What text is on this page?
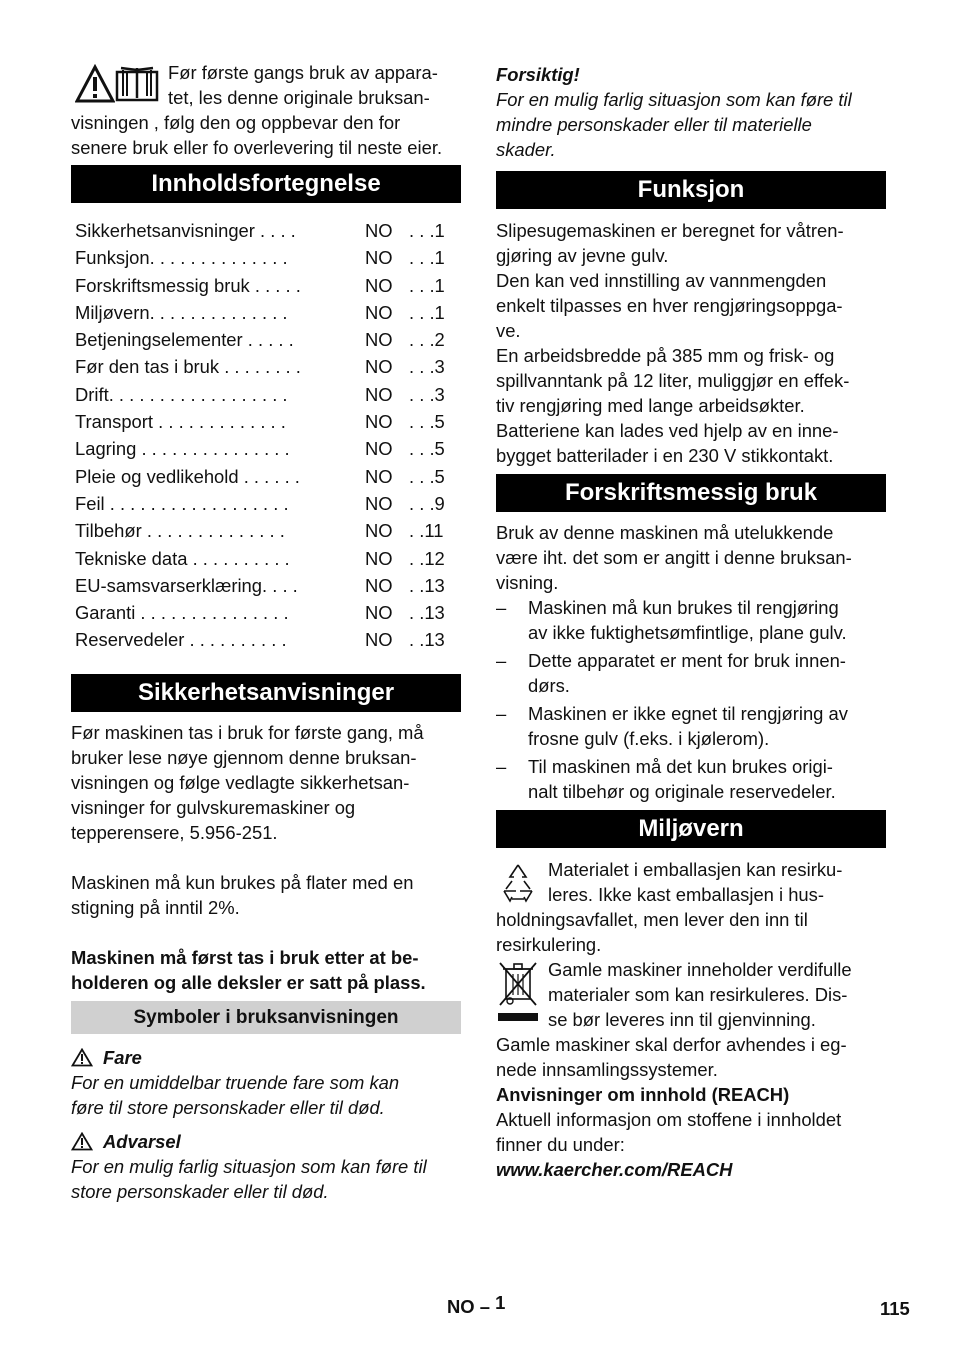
Før første gangs bruk av appara-

tet, les denne originale bruksan-

visningen , følg den og oppbevar den for

senere bruk eller fo overlevering til neste eier.

Innholdsfortegnelse
Sikkerhetsanvisninger . . . .	NO . . .1
Funksjon. . . . . . . . . . . . . .	NO . . .1
Forskriftsmessig bruk . . . . .	NO . . .1
Miljøvern. . . . . . . . . . . . . .	NO . . .1
Betjeningselementer . . . . .	NO . . .2
Før den tas i bruk . . . . . . . .	NO . . .3
Drift. . . . . . . . . . . . . . . . . .	NO . . .3
Transport . . . . . . . . . . . . .	NO . . .5
Lagring . . . . . . . . . . . . . . .	NO . . .5
Pleie og vedlikehold . . . . . .	NO . . .5
Feil . . . . . . . . . . . . . . . . . .	NO . . .9
Tilbehør . . . . . . . . . . . . . .	NO . .11
Tekniske data . . . . . . . . . .	NO . .12
EU-samsvarserklæring. . . .	NO . .13
Garanti . . . . . . . . . . . . . . .	NO . .13
Reservedeler . . . . . . . . . .	NO . .13
Sikkerhetsanvisninger

Før maskinen tas i bruk for første gang, må

bruker lese nøye gjennom denne bruksan-

visningen og følge vedlagte sikkerhetsan-

visninger for gulvskuremaskiner og

tepperensere, 5.956-251.

Maskinen må kun brukes på flater med en

stigning på inntil 2%.

Maskinen må først tas i bruk etter at be-

holderen og alle deksler er satt på plass.

Symboler i bruksanvisningen
Fare

For en umiddelbar truende fare som kan

føre til store personskader eller til død.

Advarsel

For en mulig farlig situasjon som kan føre til

store personskader eller til død.

Forsiktig!

For en mulig farlig situasjon som kan føre til

mindre personskader eller til materielle

skader.

Funksjon

Slipesugemaskinen er beregnet for våtren-

gjøring av jevne gulv.

Den kan ved innstilling av vannmengden

enkelt tilpasses en hver rengjøringsoppga-

ve.

En arbeidsbredde på 385 mm og frisk- og

spillvanntank på 12 liter, muliggjør en effek-

tiv rengjøring med lange arbeidsøkter.

Batteriene kan lades ved hjelp av en inne-

bygget batterilader i en 230 V stikkontakt.

Forskriftsmessig bruk

Bruk av denne maskinen må utelukkende

være iht. det som er angitt i denne bruksan-

visning.

– Maskinen må kun brukes til rengjøring

av ikke fuktighetsømfintlige, plane gulv.

– Dette apparatet er ment for bruk innen-

dørs.

– Maskinen er ikke egnet til rengjøring av

frosne gulv (f.eks. i kjølerom).

– Til maskinen må det kun brukes origi-

nalt tilbehør og originale reservedeler.

Miljøvern

Materialet i emballasjen kan resirku-

leres. Ikke kast emballasjen i hus-

holdningsavfallet, men lever den inn til

resirkulering.

Gamle maskiner inneholder verdifulle

materialer som kan resirkuleres. Dis-

se bør leveres inn til gjenvinning.

Gamle maskiner skal derfor avhendes i eg-

nede innsamlingssystemer.

Anvisninger om innhold (REACH)

Aktuell informasjon om stoffene i innholdet

finner du under:

www.kaercher.com/REACH

NO – 1	115
